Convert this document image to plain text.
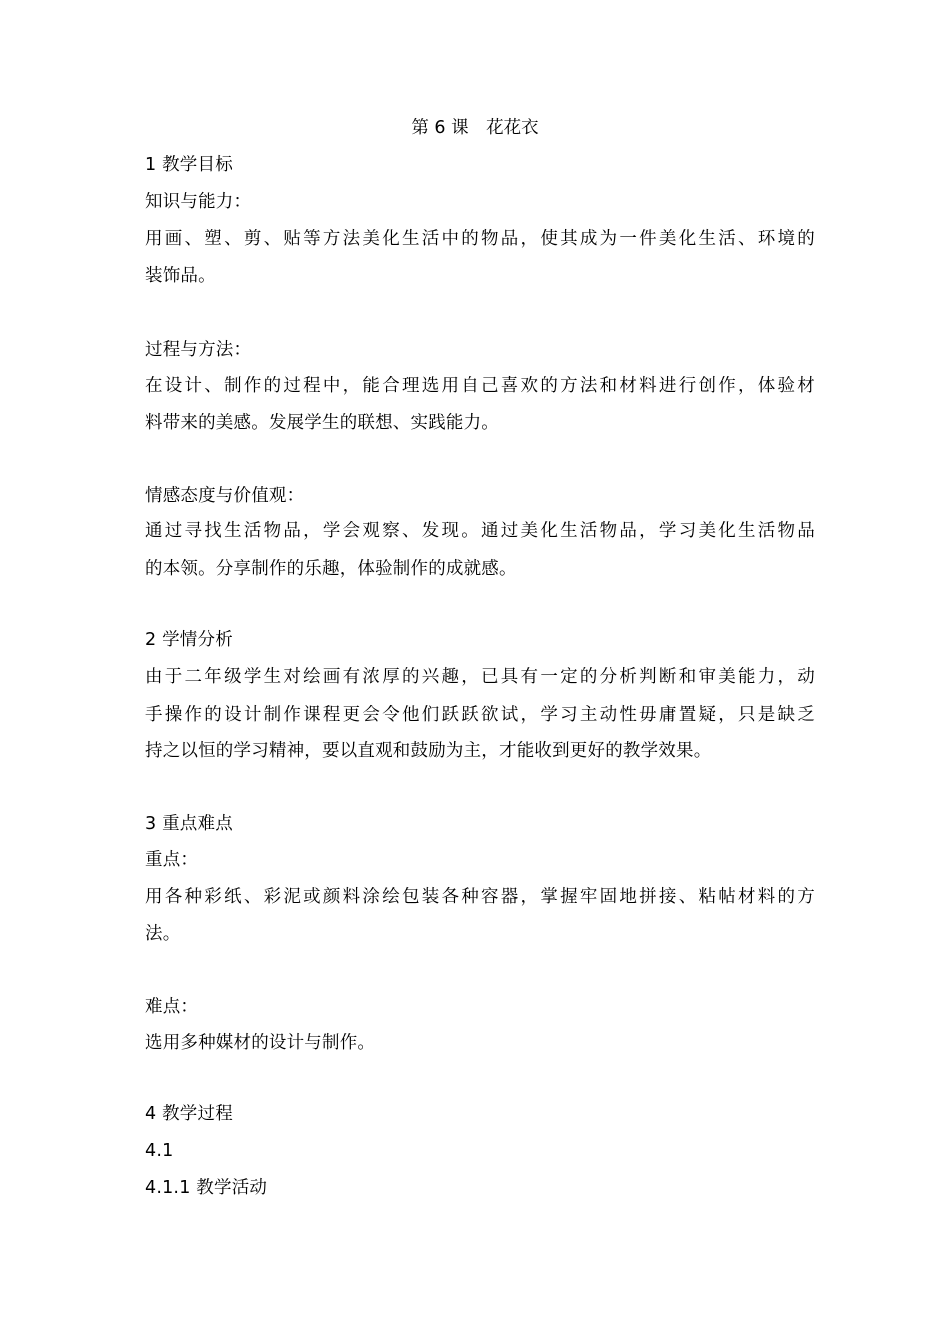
第 6 课　花花衣
1 教学目标
知识与能力：
用画、塑、剪、贴等方法美化生活中的物品，使其成为一件美化生活、环境的
装饰品。
过程与方法：
在设计、制作的过程中，能合理选用自己喜欢的方法和材料进行创作，体验材
料带来的美感。发展学生的联想、实践能力。
情感态度与价值观：
通过寻找生活物品，学会观察、发现。通过美化生活物品，学习美化生活物品
的本领。分享制作的乐趣，体验制作的成就感。
2 学情分析
由于二年级学生对绘画有浓厚的兴趣，已具有一定的分析判断和审美能力，动
手操作的设计制作课程更会令他们跃跃欲试，学习主动性毋庸置疑，只是缺乏
持之以恒的学习精神，要以直观和鼓励为主，才能收到更好的教学效果。
3 重点难点
重点：
用各种彩纸、彩泥或颜料涂绘包装各种容器，掌握牢固地拼接、粘帖材料的方
法。
难点：
选用多种媒材的设计与制作。
4 教学过程
4.1
4.1.1 教学活动
